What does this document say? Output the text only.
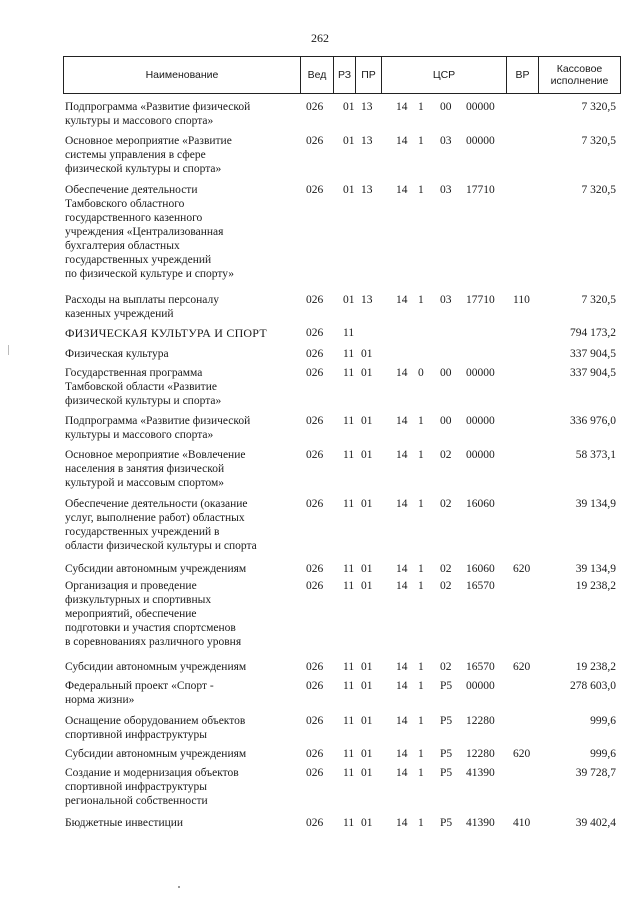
262
Наименование	Вед	РЗ ПР	ЦСР	ВР	Кассовое исполнение
Подпрограмма «Развитие физической
культуры и массового спорта»
026 01 13 14 1 00 00000	7 320,5
Основное мероприятие «Развитие
системы управления в сфере
физической культуры и спорта»
026 01 13 14 1 03 00000	7 320,5
Обеспечение деятельности
Тамбовского областного
государственного казенного
учреждения «Централизованная
бухгалтерия областных
государственных учреждений
по физической культуре и спорту»
026 01 13 14 1 03 17710	7 320,5
Расходы на выплаты персоналу
казенных учреждений
026 01 13 14 1 03 17710 110	7 320,5
ФИЗИЧЕСКАЯ КУЛЬТУРА И СПОРТ	026 11	794 173,2
Физическая культура	026 11 01	337 904,5
Государственная программа
Тамбовской области «Развитие
физической культуры и спорта»
026 11 01 14 0 00 00000	337 904,5
Подпрограмма «Развитие физической
культуры и массового спорта»
026 11 01 14 1 00 00000	336 976,0
Основное мероприятие «Вовлечение
населения в занятия физической
культурой и массовым спортом»
026 11 01 14 1 02 00000	58 373,1
Обеспечение деятельности (оказание
услуг, выполнение работ) областных
государственных учреждений в
области физической культуры и спорта
026 11 01 14 1 02 16060	39 134,9
Субсидии автономным учреждениям	026 11 01 14 1 02 16060 620	39 134,9
Организация и проведение
физкультурных и спортивных
мероприятий, обеспечение
подготовки и участия спортсменов
в соревнованиях различного уровня
026 11 01 14 1 02 16570	19 238,2
Субсидии автономным учреждениям	026 11 01 14 1 02 16570 620	19 238,2
Федеральный проект «Спорт -
норма жизни»
026 11 01 14 1 P5 00000	278 603,0
Оснащение оборудованием объектов
спортивной инфраструктуры
026 11 01 14 1 P5 12280	999,6
Субсидии автономным учреждениям	026 11 01 14 1 P5 12280 620	999,6
Создание и модернизация объектов
спортивной инфраструктуры
региональной собственности
026 11 01 14 1 P5 41390	39 728,7
Бюджетные инвестиции	026 11 01 14 1 P5 41390 410	39 402,4
